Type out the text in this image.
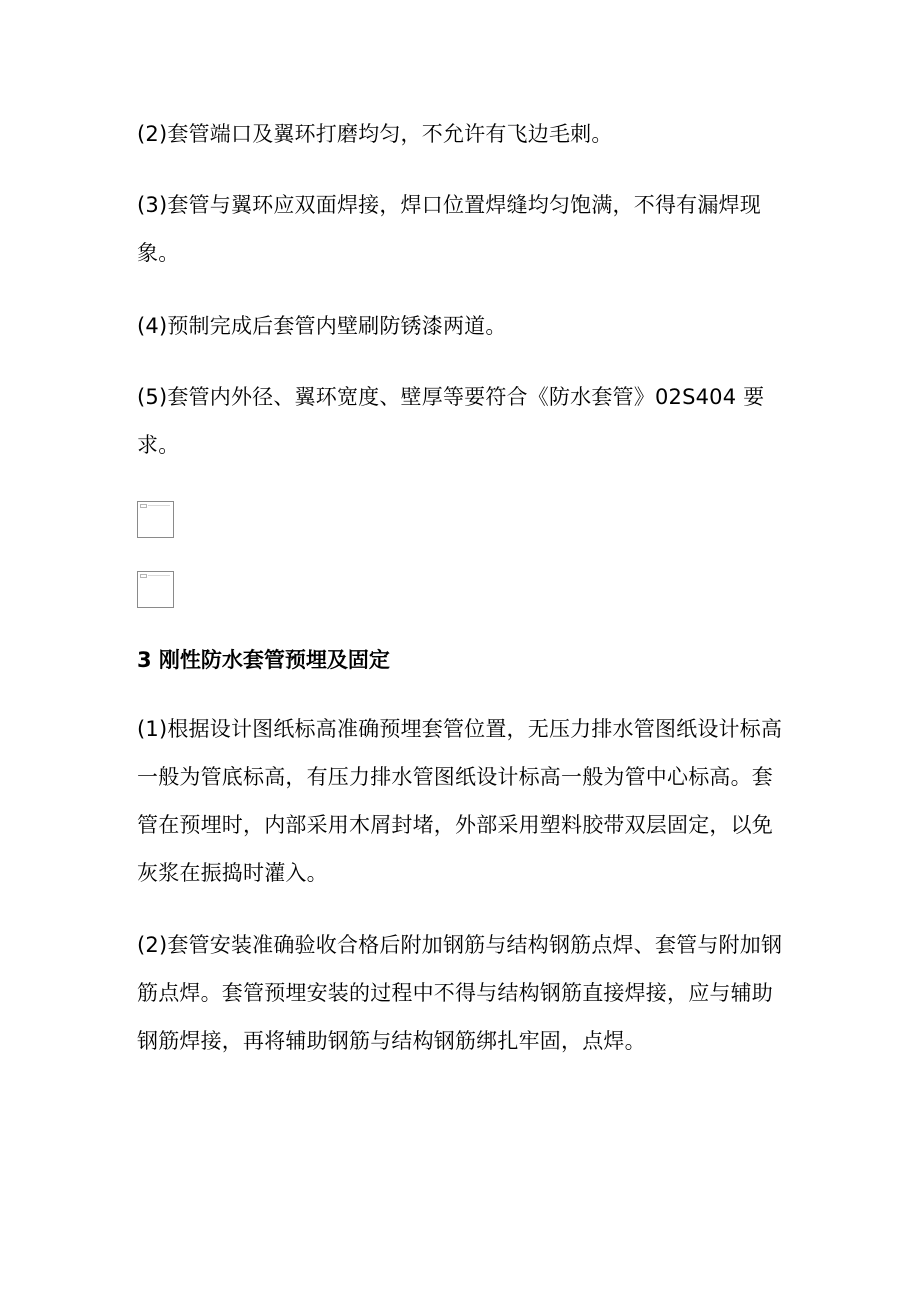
(2)套管端口及翼环打磨均匀，不允许有飞边毛刺。

(3)套管与翼环应双面焊接，焊口位置焊缝均匀饱满，不得有漏焊现
象。

(4)预制完成后套管内壁刷防锈漆两道。

(5)套管内外径、翼环宽度、壁厚等要符合《防水套管》02S404 要
求。

3 刚性防水套管预埋及固定

(1)根据设计图纸标高准确预埋套管位置，无压力排水管图纸设计标高
一般为管底标高，有压力排水管图纸设计标高一般为管中心标高。套
管在预埋时，内部采用木屑封堵，外部采用塑料胶带双层固定，以免
灰浆在振捣时灌入。

(2)套管安装准确验收合格后附加钢筋与结构钢筋点焊、套管与附加钢
筋点焊。套管预埋安装的过程中不得与结构钢筋直接焊接，应与辅助
钢筋焊接，再将辅助钢筋与结构钢筋绑扎牢固，点焊。
